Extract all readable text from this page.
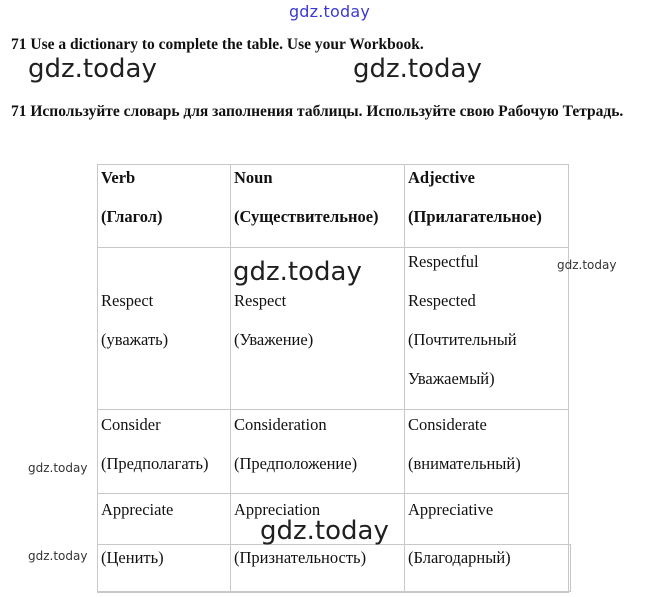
gdz.today

71 Use a dictionary to complete the table. Use your Workbook.

71 Используйте словарь для заполнения таблицы. Используйте свою Рабочую Тетрадь.

Verb
(Глагол)
Noun
(Существительное)
Adjective
(Прилагательное)
Respect
(уважать)
Respect
(Уважение)
Respectful
Respected
(Почтительный
Уважаемый)
Consider
(Предполагать)
Consideration
(Предположение)
Considerate
(внимательный)
Appreciate
(Ценить)
Appreciation
(Признательность)
Appreciative
(Благодарный)
gdz.today	gdz.today
gdz.today
gdz.today
gdz.today
gdz.today
gdz.today
